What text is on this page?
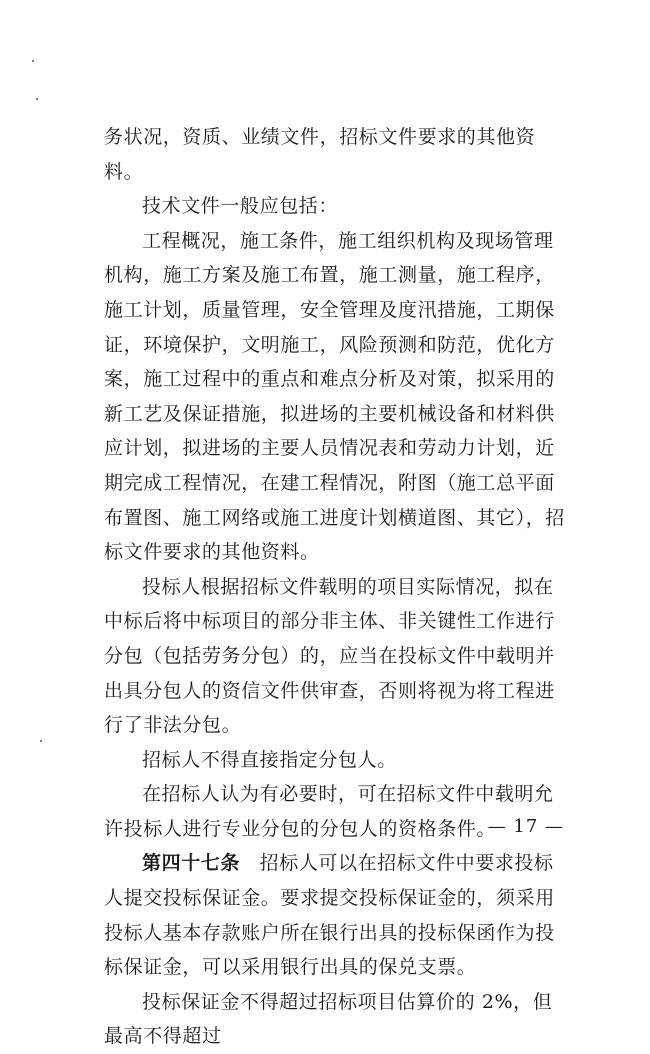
务状况，资质、业绩文件，招标文件要求的其他资料。

技术文件一般应包括：

工程概况，施工条件，施工组织机构及现场管理机构，施工方案及施工布置，施工测量，施工程序，施工计划，质量管理，安全管理及度汛措施，工期保证，环境保护，文明施工，风险预测和防范，优化方案，施工过程中的重点和难点分析及对策，拟采用的新工艺及保证措施，拟进场的主要机械设备和材料供应计划，拟进场的主要人员情况表和劳动力计划，近期完成工程情况，在建工程情况，附图（施工总平面布置图、施工网络或施工进度计划横道图、其它），招标文件要求的其他资料。

投标人根据招标文件载明的项目实际情况，拟在中标后将中标项目的部分非主体、非关键性工作进行分包（包括劳务分包）的，应当在投标文件中载明并出具分包人的资信文件供审查，否则将视为将工程进行了非法分包。

招标人不得直接指定分包人。

在招标人认为有必要时，可在招标文件中载明允许投标人进行专业分包的分包人的资格条件。

第四十七条　招标人可以在招标文件中要求投标人提交投标保证金。要求提交投标保证金的，须采用投标人基本存款账户所在银行出具的投标保函作为投标保证金，可以采用银行出具的保兑支票。

投标保证金不得超过招标项目估算价的 2%，但最高不得超过

— 17 —
